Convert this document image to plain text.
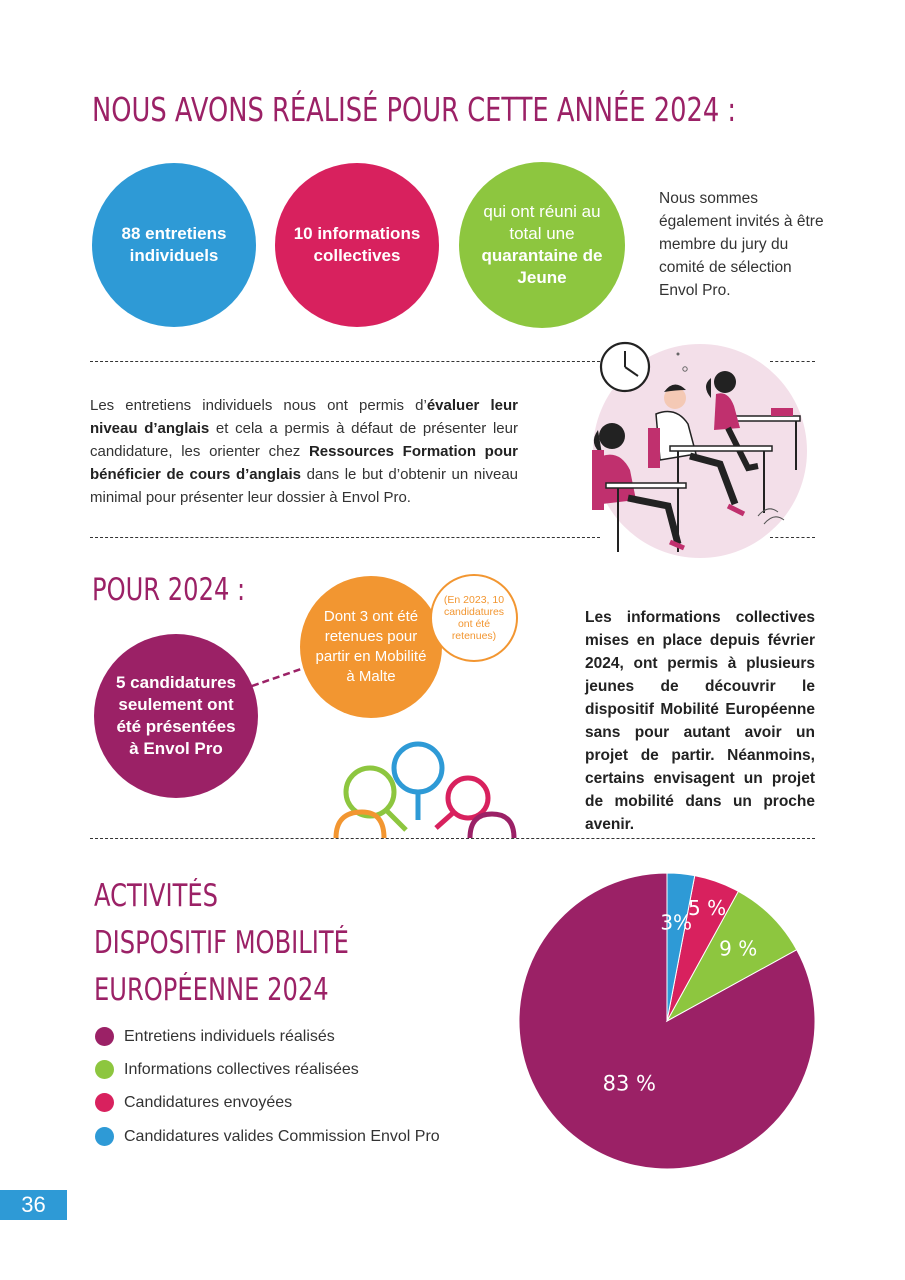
NOUS AVONS RÉALISÉ POUR CETTE ANNÉE 2024 :
88 entretiens individuels
10 informations collectives
qui ont réuni au total une
quarantaine de Jeune
Nous sommes également invités à être membre du jury du comité de sélection Envol Pro.
Les entretiens individuels nous ont permis d’évaluer leur niveau d’anglais et cela a permis à défaut de présenter leur candidature, les orienter chez Ressources Formation pour bénéficier de cours d’anglais dans le but d’obtenir un niveau minimal pour présenter leur dossier à Envol Pro.
POUR 2024 :
5 candidatures seulement ont été présentées à Envol Pro
Dont 3 ont été retenues pour partir en Mobilité à Malte
(En 2023, 10 candidatures ont été retenues)
Les informations collectives mises en place depuis février 2024, ont permis à plusieurs jeunes de découvrir le dispositif Mobilité Européenne sans pour autant avoir un projet de partir. Néanmoins, certains envisagent un projet de mobilité dans un proche avenir.
ACTIVITÉS
DISPOSITIF MOBILITÉ
EUROPÉENNE 2024
Entretiens individuels réalisés
Informations collectives réalisées
Candidatures envoyées
Candidatures valides Commission Envol Pro
83 %
9 %
5 %
3%
36
